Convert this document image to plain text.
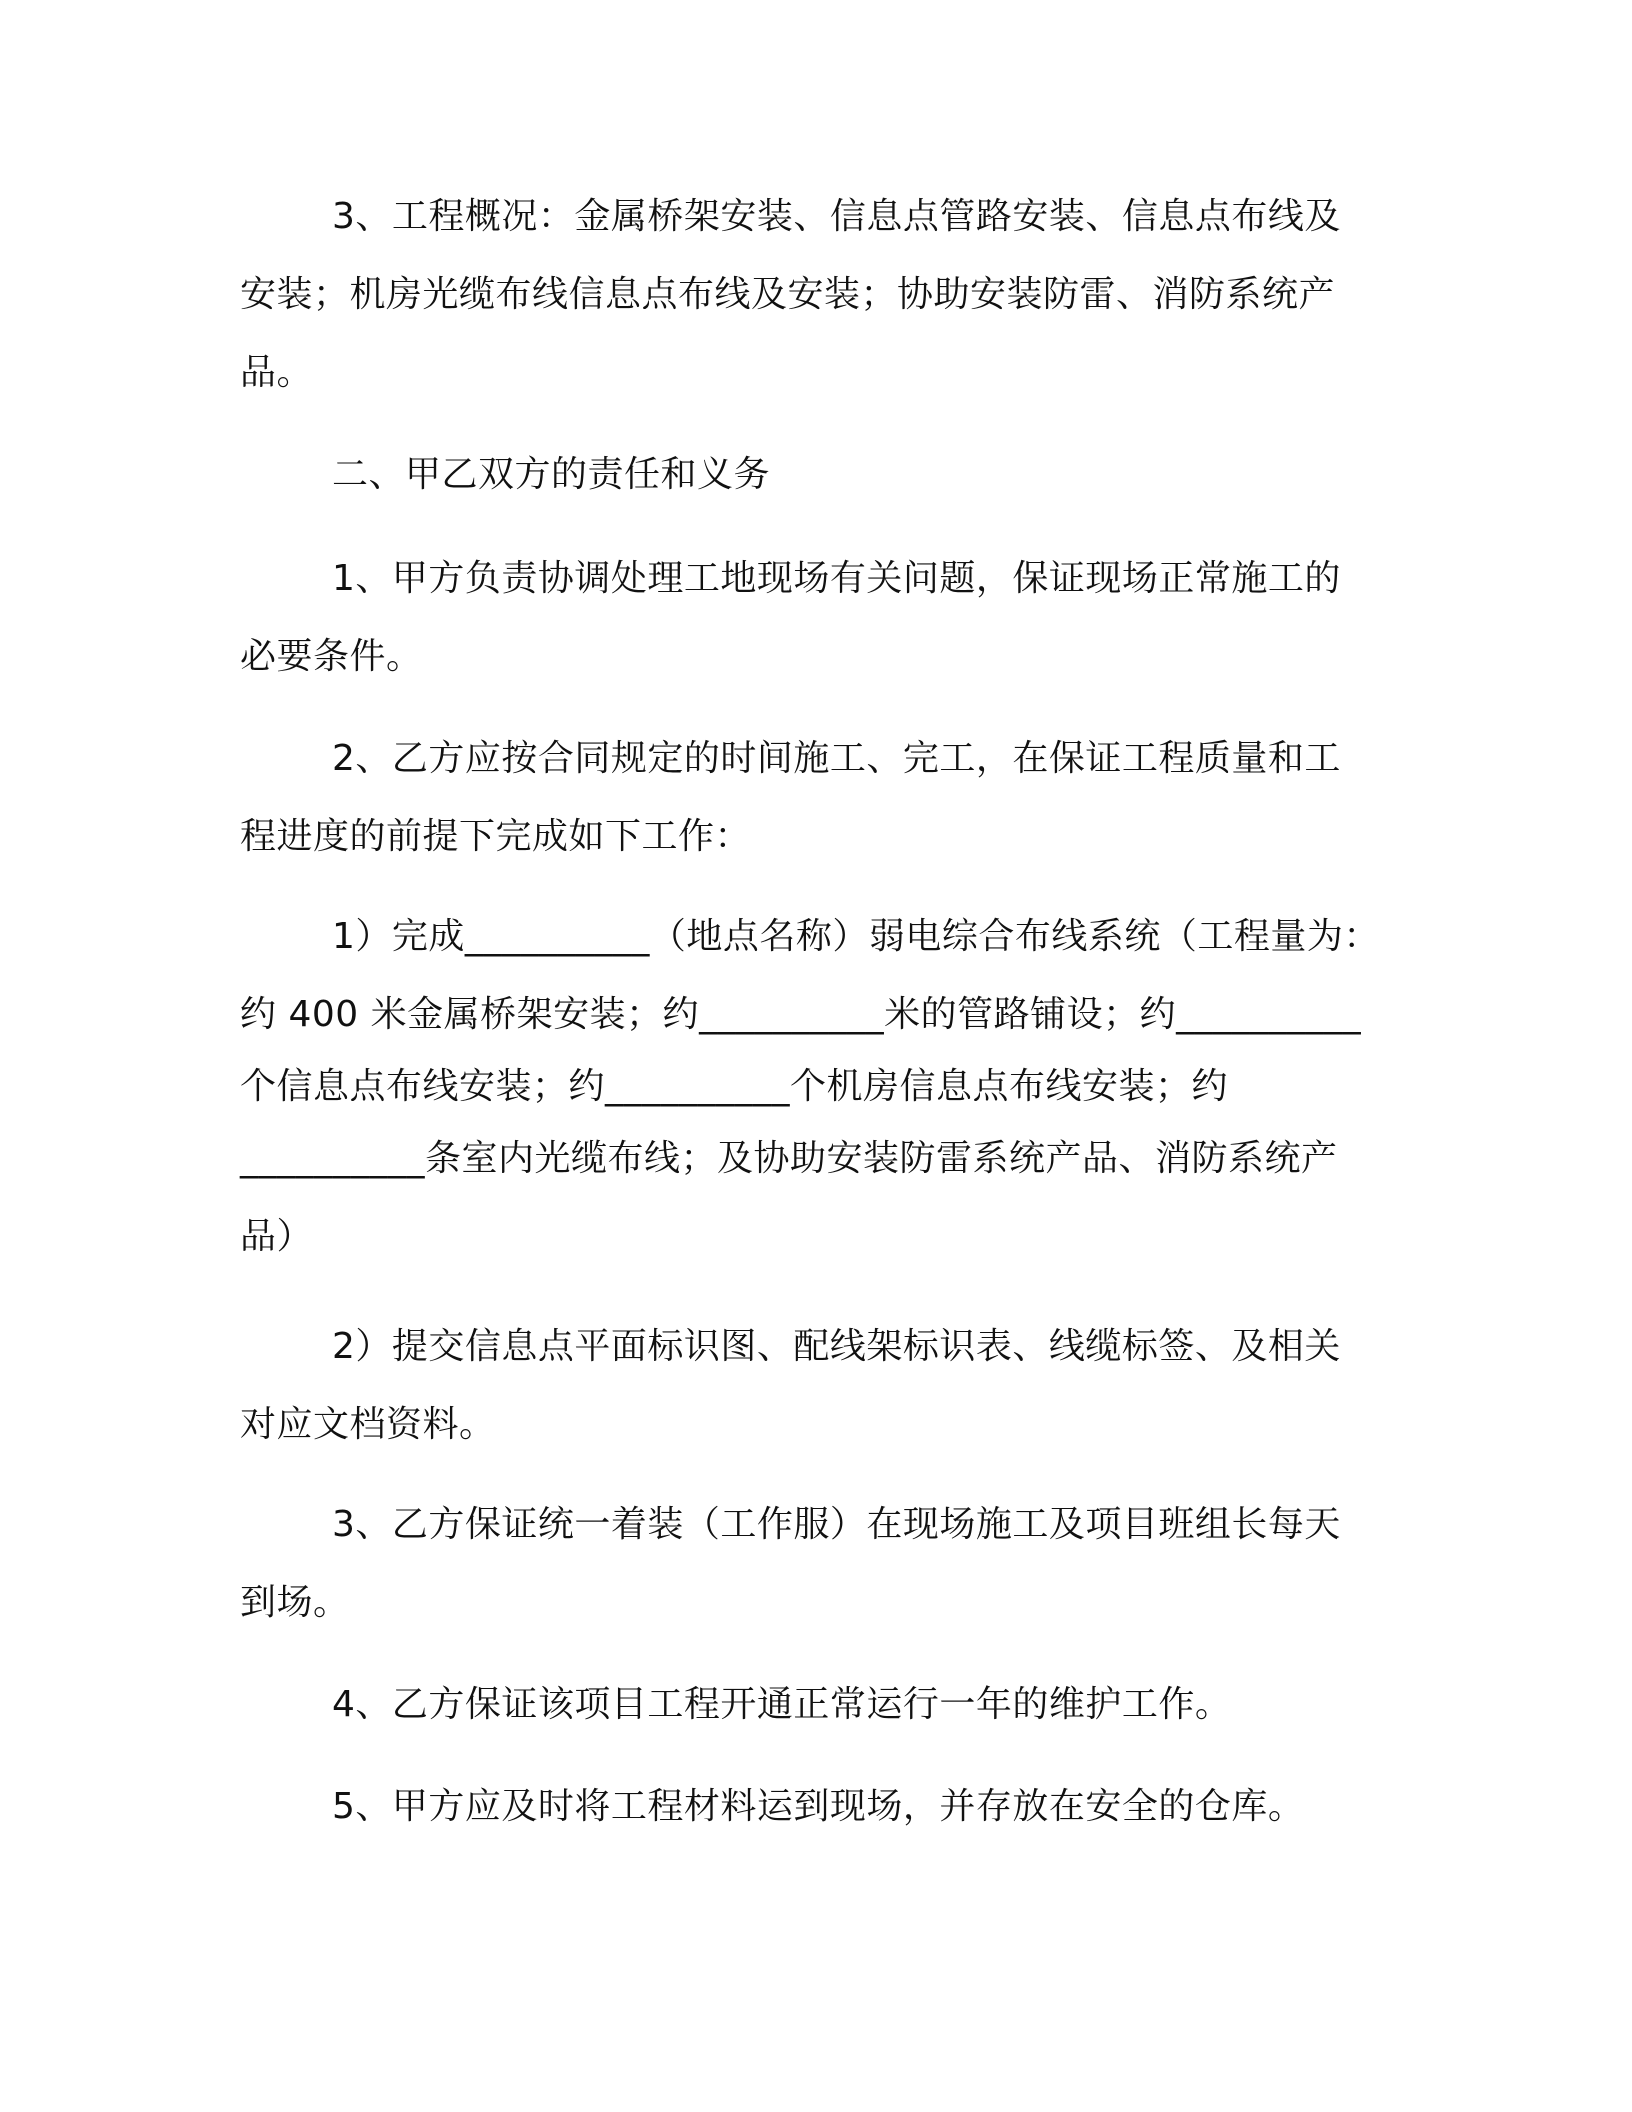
3、工程概况：金属桥架安装、信息点管路安装、信息点布线及
安装；机房光缆布线信息点布线及安装；协助安装防雷、消防系统产
品。
二、甲乙双方的责任和义务
1、甲方负责协调处理工地现场有关问题，保证现场正常施工的
必要条件。
2、乙方应按合同规定的时间施工、完工，在保证工程质量和工
程进度的前提下完成如下工作：
1）完成__________（地点名称）弱电综合布线系统（工程量为：
约 400 米金属桥架安装；约__________米的管路铺设；约__________
个信息点布线安装；约__________个机房信息点布线安装；约
__________条室内光缆布线；及协助安装防雷系统产品、消防系统产
品）
2）提交信息点平面标识图、配线架标识表、线缆标签、及相关
对应文档资料。
3、乙方保证统一着装（工作服）在现场施工及项目班组长每天
到场。
4、乙方保证该项目工程开通正常运行一年的维护工作。
5、甲方应及时将工程材料运到现场，并存放在安全的仓库。
